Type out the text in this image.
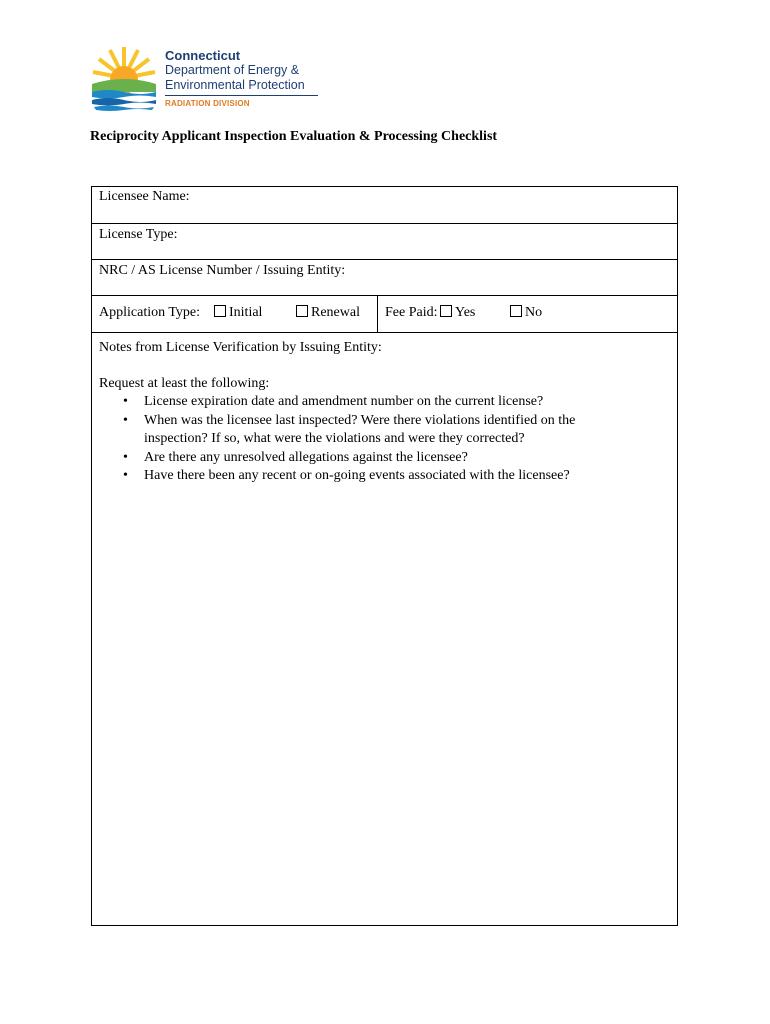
Connecticut
Department of Energy &
Environmental Protection
RADIATION DIVISION
Reciprocity Applicant Inspection Evaluation & Processing Checklist
Licensee Name:
License Type:
NRC / AS License Number / Issuing Entity:
Application Type:	Initial	Renewal	Fee Paid:	Yes	No
Notes from License Verification by Issuing Entity:
Request at least the following:
• License expiration date and amendment number on the current license?
• When was the licensee last inspected? Were there violations identified on the inspection? If so, what were the violations and were they corrected?
• Are there any unresolved allegations against the licensee?
• Have there been any recent or on-going events associated with the licensee?
